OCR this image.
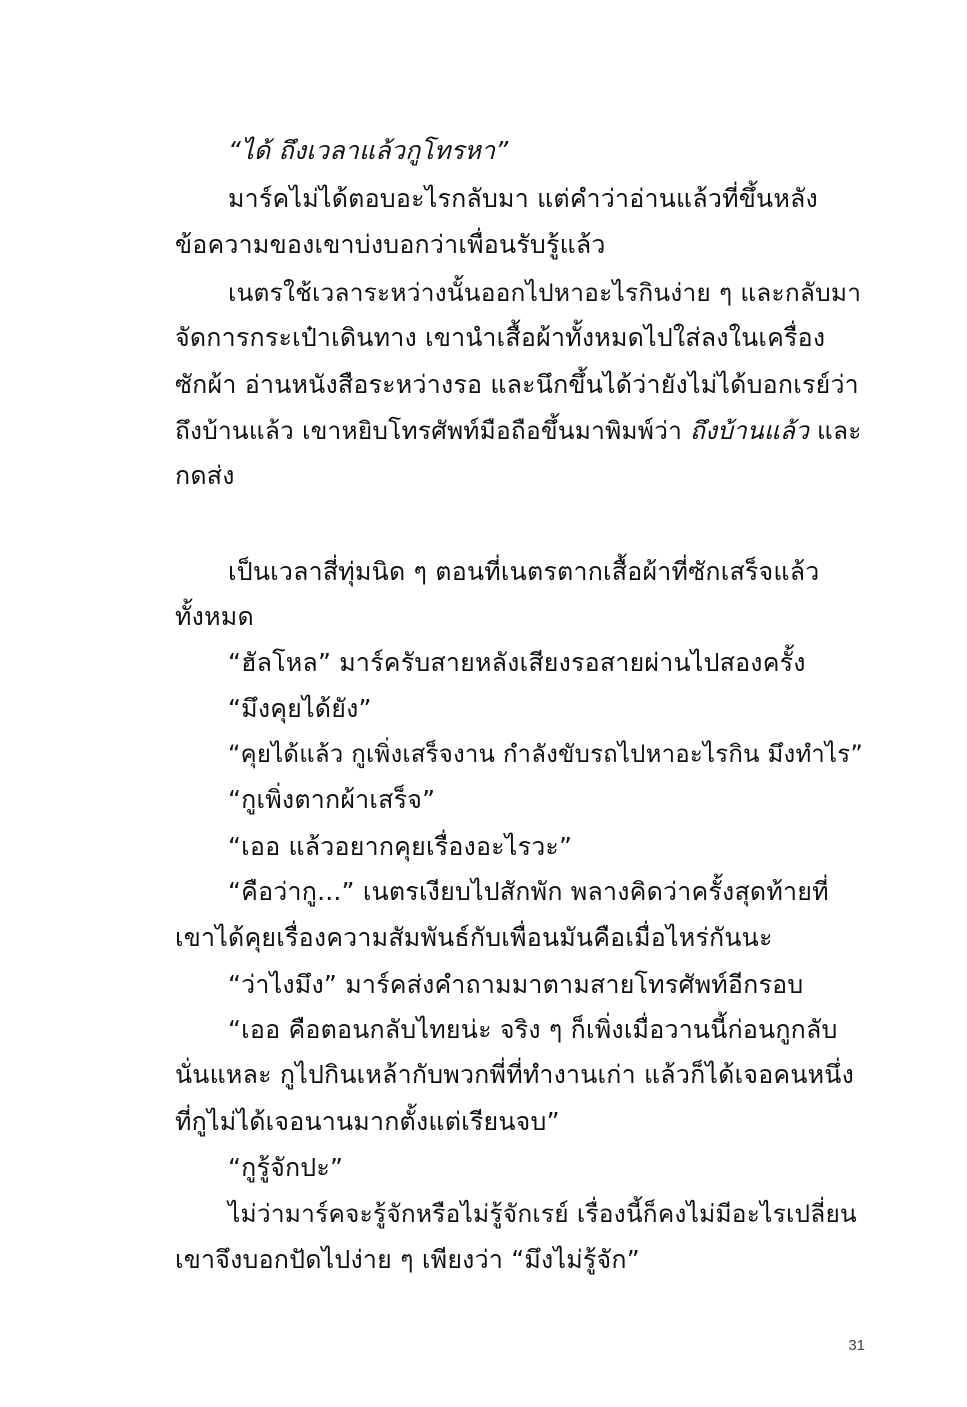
“ได้ ถึงเวลาแล้วกูโทรหา”
มาร์คไม่ได้ตอบอะไรกลับมา แต่คำว่าอ่านแล้วที่ขึ้นหลัง
ข้อความของเขาบ่งบอกว่าเพื่อนรับรู้แล้ว
เนตรใช้เวลาระหว่างนั้นออกไปหาอะไรกินง่าย ๆ และกลับมา
จัดการกระเป๋าเดินทาง เขานำเสื้อผ้าทั้งหมดไปใส่ลงในเครื่อง
ซักผ้า อ่านหนังสือระหว่างรอ และนึกขึ้นได้ว่ายังไม่ได้บอกเรย์ว่า
ถึงบ้านแล้ว เขาหยิบโทรศัพท์มือถือขึ้นมาพิมพ์ว่า ถึงบ้านแล้ว และ
กดส่ง
เป็นเวลาสี่ทุ่มนิด ๆ ตอนที่เนตรตากเสื้อผ้าที่ซักเสร็จแล้ว
ทั้งหมด
“ฮัลโหล” มาร์ครับสายหลังเสียงรอสายผ่านไปสองครั้ง
“มึงคุยได้ยัง”
“คุยได้แล้ว กูเพิ่งเสร็จงาน กำลังขับรถไปหาอะไรกิน มึงทำไร”
“กูเพิ่งตากผ้าเสร็จ”
“เออ แล้วอยากคุยเรื่องอะไรวะ”
“คือว่ากู...” เนตรเงียบไปสักพัก พลางคิดว่าครั้งสุดท้ายที่
เขาได้คุยเรื่องความสัมพันธ์กับเพื่อนมันคือเมื่อไหร่กันนะ
“ว่าไงมึง” มาร์คส่งคำถามมาตามสายโทรศัพท์อีกรอบ
“เออ คือตอนกลับไทยน่ะ จริง ๆ ก็เพิ่งเมื่อวานนี้ก่อนกูกลับ
นั่นแหละ กูไปกินเหล้ากับพวกพี่ที่ทำงานเก่า แล้วก็ได้เจอคนหนึ่ง
ที่กูไม่ได้เจอนานมากตั้งแต่เรียนจบ”
“กูรู้จักปะ”
ไม่ว่ามาร์คจะรู้จักหรือไม่รู้จักเรย์ เรื่องนี้ก็คงไม่มีอะไรเปลี่ยน
เขาจึงบอกปัดไปง่าย ๆ เพียงว่า “มึงไม่รู้จัก”
31
